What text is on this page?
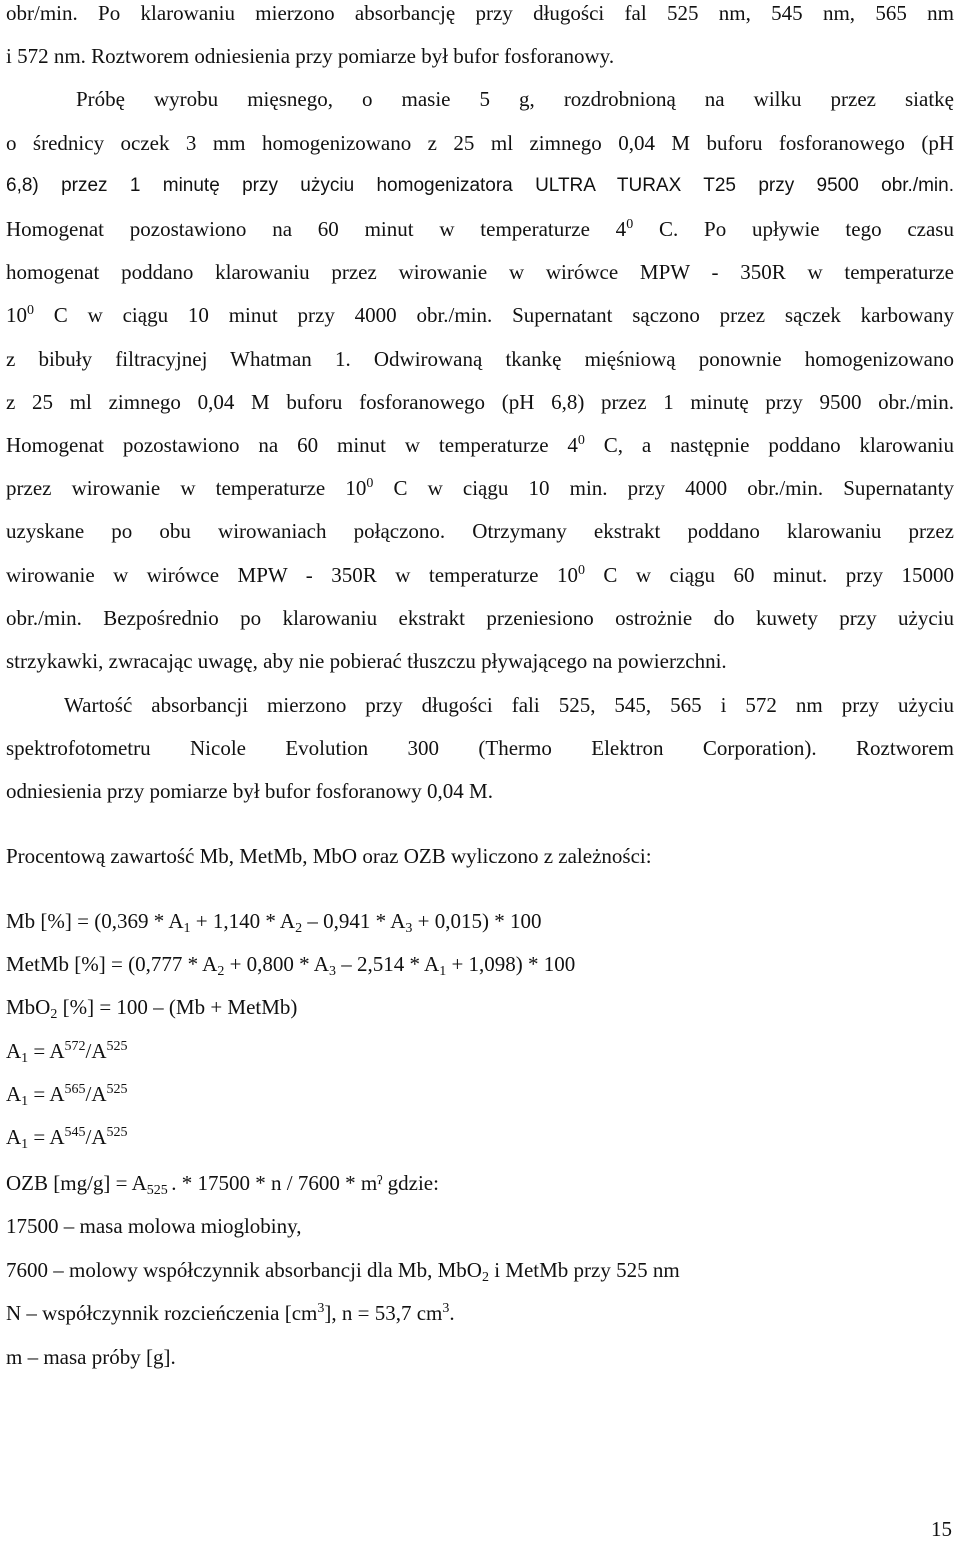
obr/min. Po klarowaniu mierzono absorbancję przy długości fal 525 nm, 545 nm, 565 nm
i 572 nm. Roztworem odniesienia przy pomiarze był bufor fosforanowy.
Próbę wyrobu mięsnego, o masie 5 g, rozdrobnioną na wilku przez siatkę
o średnicy oczek 3 mm homogenizowano z 25 ml zimnego 0,04 M buforu fosforanowego (pH
6,8) przez 1 minutę przy użyciu homogenizatora ULTRA TURAX T25 przy 9500 obr./min.
Homogenat pozostawiono na 60 minut w temperaturze $4^0$ C. Po upływie tego czasu
homogenat poddano klarowaniu przez wirowanie w wirówce MPW - 350R w temperaturze
$10^0$ C w ciągu 10 minut przy 4000 obr./min. Supernatant sączono przez sączek karbowany
z bibuły filtracyjnej Whatman 1. Odwirowaną tkankę mięśniową ponownie homogenizowano
z 25 ml zimnego 0,04 M buforu fosforanowego (pH 6,8) przez 1 minutę przy 9500 obr./min.
Homogenat pozostawiono na 60 minut w temperaturze $4^0$ C, a następnie poddano klarowaniu
przez wirowanie w temperaturze $10^0$ C w ciągu 10 min. przy 4000 obr./min. Supernatanty
uzyskane po obu wirowaniach połączono. Otrzymany ekstrakt poddano klarowaniu przez
wirowanie w wirówce MPW - 350R w temperaturze $10^0$ C w ciągu 60 minut. przy 15000
obr./min. Bezpośrednio po klarowaniu ekstrakt przeniesiono ostrożnie do kuwety przy użyciu
strzykawki, zwracając uwagę, aby nie pobierać tłuszczu pływającego na powierzchni.
Wartość absorbancji mierzono przy długości fali 525, 545, 565 i 572 nm przy użyciu
spektrofotometru Nicole Evolution 300 (Thermo Elektron Corporation). Roztworem
odniesienia przy pomiarze był bufor fosforanowy 0,04 M.
Procentową zawartość Mb, MetMb, MbO oraz OZB wyliczono z zależności:
Mb [%] = $(0,369 * A_1 + 1,140 * A_2 - 0,941 * A_3 + 0,015) * 100$
MetMb [%] = $(0,777 * A_2 + 0,800 * A_3 - 2,514 * A_1 + 1,098) * 100$
MbO$_2$ [%] = 100 – (Mb + MetMb)
$A_1 = A^{572}/A^{525}$
$A_1 = A^{565}/A^{525}$
$A_1 = A^{545}/A^{525}$
OZB $[mg/g] = A_{525}$ . * 17500 * n / 7600 * mˀ gdzie:
17500 – masa molowa mioglobiny,
7600 – molowy współczynnik absorbancji dla Mb, MbO$_2$ i MetMb przy 525 nm
N – współczynnik rozcieńczenia $[cm^3]$, n = 53,7 $cm^3$.
m – masa próby [g].
15
